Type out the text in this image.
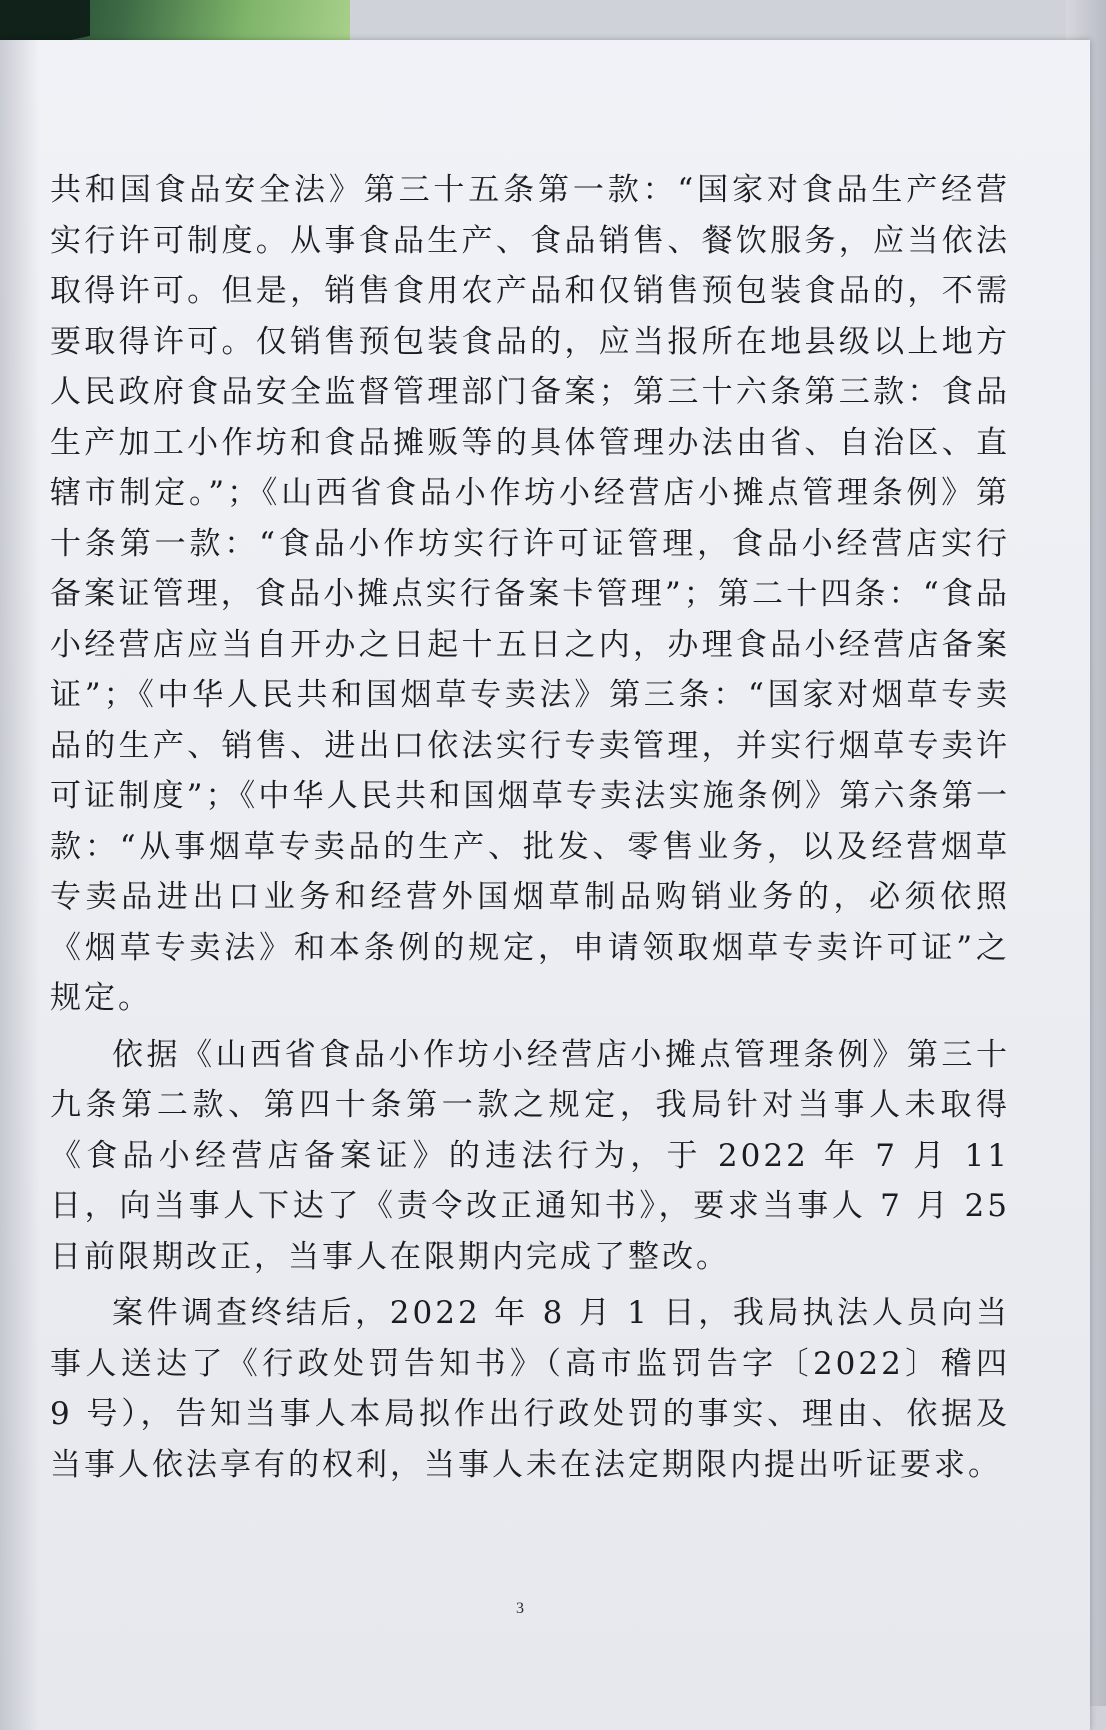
共和国食品安全法》第三十五条第一款：“国家对食品生产经营实行许可制度。从事食品生产、食品销售、餐饮服务，应当依法取得许可。但是，销售食用农产品和仅销售预包装食品的，不需要取得许可。仅销售预包装食品的，应当报所在地县级以上地方人民政府食品安全监督管理部门备案；第三十六条第三款：食品生产加工小作坊和食品摊贩等的具体管理办法由省、自治区、直辖市制定。”；《山西省食品小作坊小经营店小摊点管理条例》第十条第一款：“食品小作坊实行许可证管理，食品小经营店实行备案证管理，食品小摊点实行备案卡管理”；第二十四条：“食品小经营店应当自开办之日起十五日之内，办理食品小经营店备案证”；《中华人民共和国烟草专卖法》第三条：“国家对烟草专卖品的生产、销售、进出口依法实行专卖管理，并实行烟草专卖许可证制度”；《中华人民共和国烟草专卖法实施条例》第六条第一款：“从事烟草专卖品的生产、批发、零售业务，以及经营烟草专卖品进出口业务和经营外国烟草制品购销业务的，必须依照《烟草专卖法》和本条例的规定，申请领取烟草专卖许可证”之规定。

依据《山西省食品小作坊小经营店小摊点管理条例》第三十九条第二款、第四十条第一款之规定，我局针对当事人未取得《食品小经营店备案证》的违法行为，于 2022 年 7 月 11 日，向当事人下达了《责令改正通知书》，要求当事人 7 月 25 日前限期改正，当事人在限期内完成了整改。

案件调查终结后，2022 年 8 月 1 日，我局执法人员向当事人送达了《行政处罚告知书》（高市监罚告字〔2022〕稽四 9 号），告知当事人本局拟作出行政处罚的事实、理由、依据及当事人依法享有的权利，当事人未在法定期限内提出听证要求。

3
